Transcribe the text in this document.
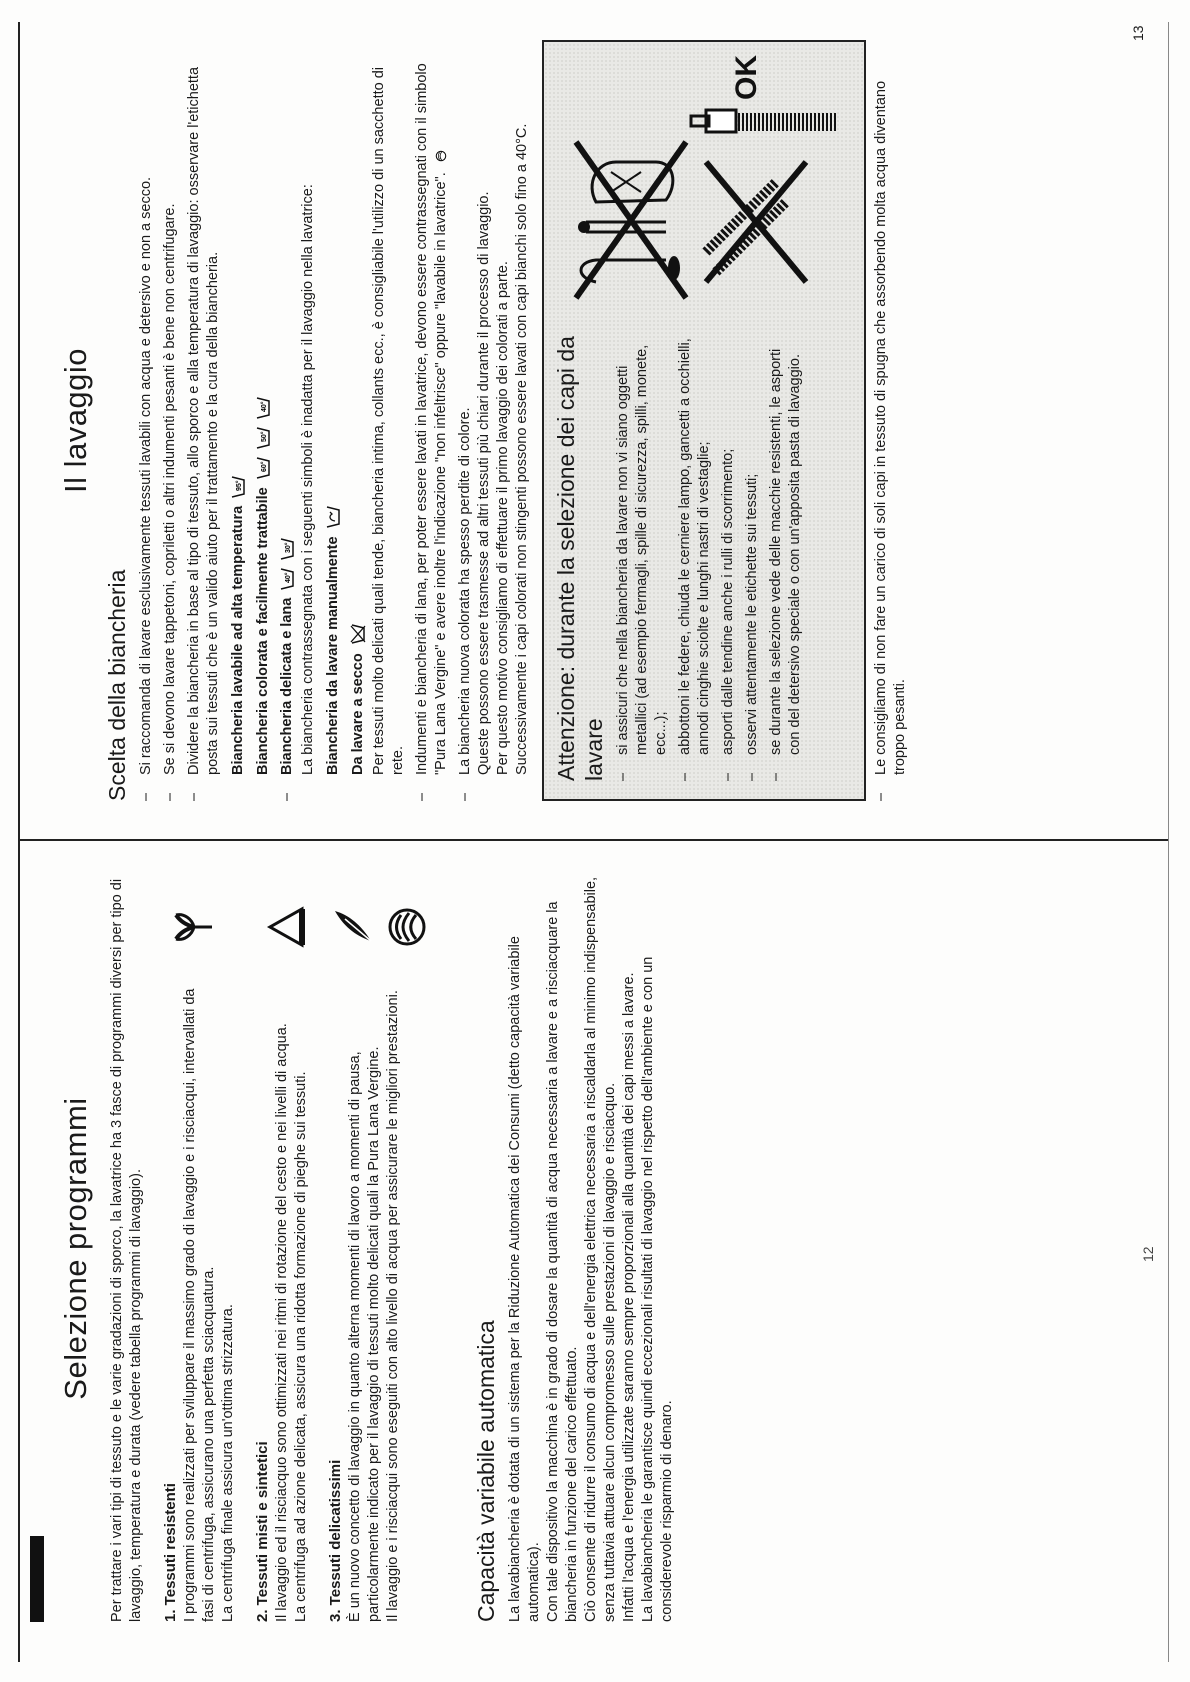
Selezione programmi Per trattare i vari tipi di tessuto e le varie gradazioni di sporco, la lavatrice ha 3 fasce di programmi diversi per tipo di lavaggio, temperatura e durata (vedere tabella programmi di lavaggio). 1. Tessuti resistenti I programmi sono realizzati per sviluppare il massimo grado di lavaggio e i risciacqui, intervallati da fasi di centrifuga, assicurano una perfetta sciacquatura. La centrifuga finale assicura un'ottima strizzatura. 2. Tessuti misti e sintetici Il lavaggio ed il risciacquo sono ottimizzati nei ritmi di rotazione del cesto e nei livelli di acqua. La centrifuga ad azione delicata, assicura una ridotta formazione di pieghe sui tessuti. 3. Tessuti delicatissimi È un nuovo concetto di lavaggio in quanto alterna momenti di lavoro a momenti di pausa, particolarmente indicato per il lavaggio di tessuti molto delicati quali la Pura Lana Vergine. Il lavaggio e i risciacqui sono eseguiti con alto livello di acqua per assicurare le migliori prestazioni.	Capacità variabile automatica La lavabiancheria è dotata di un sistema per la Riduzione Automatica dei Consumi (detto capacità variabile automatica). Con tale dispositivo la macchina è in grado di dosare la quantità di acqua necessaria a lavare e a risciacquare la biancheria in funzione del carico effettuato. Ciò consente di ridurre il consumo di acqua e dell'energia elettrica necessaria a riscaldarla al minimo indispensabile, senza tuttavia attuare alcun compromesso sulle prestazioni di lavaggio e risciacquo. Infatti l'acqua e l'energia utilizzate saranno sempre proporzionali alla quantità dei capi messi a lavare. La lavabiancheria le garantisce quindi eccezionali risultati di lavaggio nel rispetto dell'ambiente e con un considerevole risparmio di denaro.

12
Il lavaggio
Scelta della biancheria – Si raccomanda di lavare esclusivamente tessuti lavabili con acqua e detersivo e non a secco. – Se si devono lavare tappetoni, copriletti o altri indumenti pesanti è bene non centrifugare. – Dividere la biancheria in base al tipo di tessuto, allo sporco e alla temperatura di lavaggio: osservare l'etichetta posta sui tessuti che è un valido aiuto per il trattamento e la cura della biancheria. Biancheria lavabile ad alta temperatura
95°
Biancheria colorata e facilmente trattabile
60°

50°

40°
– Biancheria delicata e lana
40°

30° La biancheria contrassegnata con i seguenti simboli è inadatta per il lavaggio nella lavatrice: Biancheria da lavare manualmente Da lavare a secco Per tessuti molto delicati quali tende, biancheria intima, collants ecc., è consigliabile l'utilizzo di un sacchetto di rete. – Indumenti e biancheria di lana, per poter essere lavati in lavatrice, devono essere contrassegnati con il simbolo "Pura Lana Vergine" e avere inoltre l'indicazione "non infeltrisce" oppure "lavabile in lavatrice". – La biancheria nuova colorata ha spesso perdite di colore. Queste possono essere trasmesse ad altri tessuti più chiari durante il processo di lavaggio. Per questo motivo consigliamo di effettuare il primo lavaggio dei colorati a parte. Successivamente i capi colorati non stingenti possono essere lavati con capi bianchi solo fino a 40°C. Attenzione: durante la selezione dei capi da lavare – si assicuri che nella biancheria da lavare non vi siano oggetti metallici (ad esempio fermagli, spille di sicurezza, spilli, monete, ecc...); – abbottoni le federe, chiuda le cerniere lampo, gancetti a occhielli, annodi cinghie sciolte e lunghi nastri di vestaglie; – asporti dalle tendine anche i rulli di scorrimento; – osservi attentamente le etichette sui tessuti; – se durante la selezione vede delle macchie resistenti, le asporti con del detersivo speciale o con un'apposita pasta di lavaggio.
OK
– Le consigliamo di non fare un carico di soli capi in tessuto di spugna che assorbendo molta acqua diventano troppo pesanti.
13
